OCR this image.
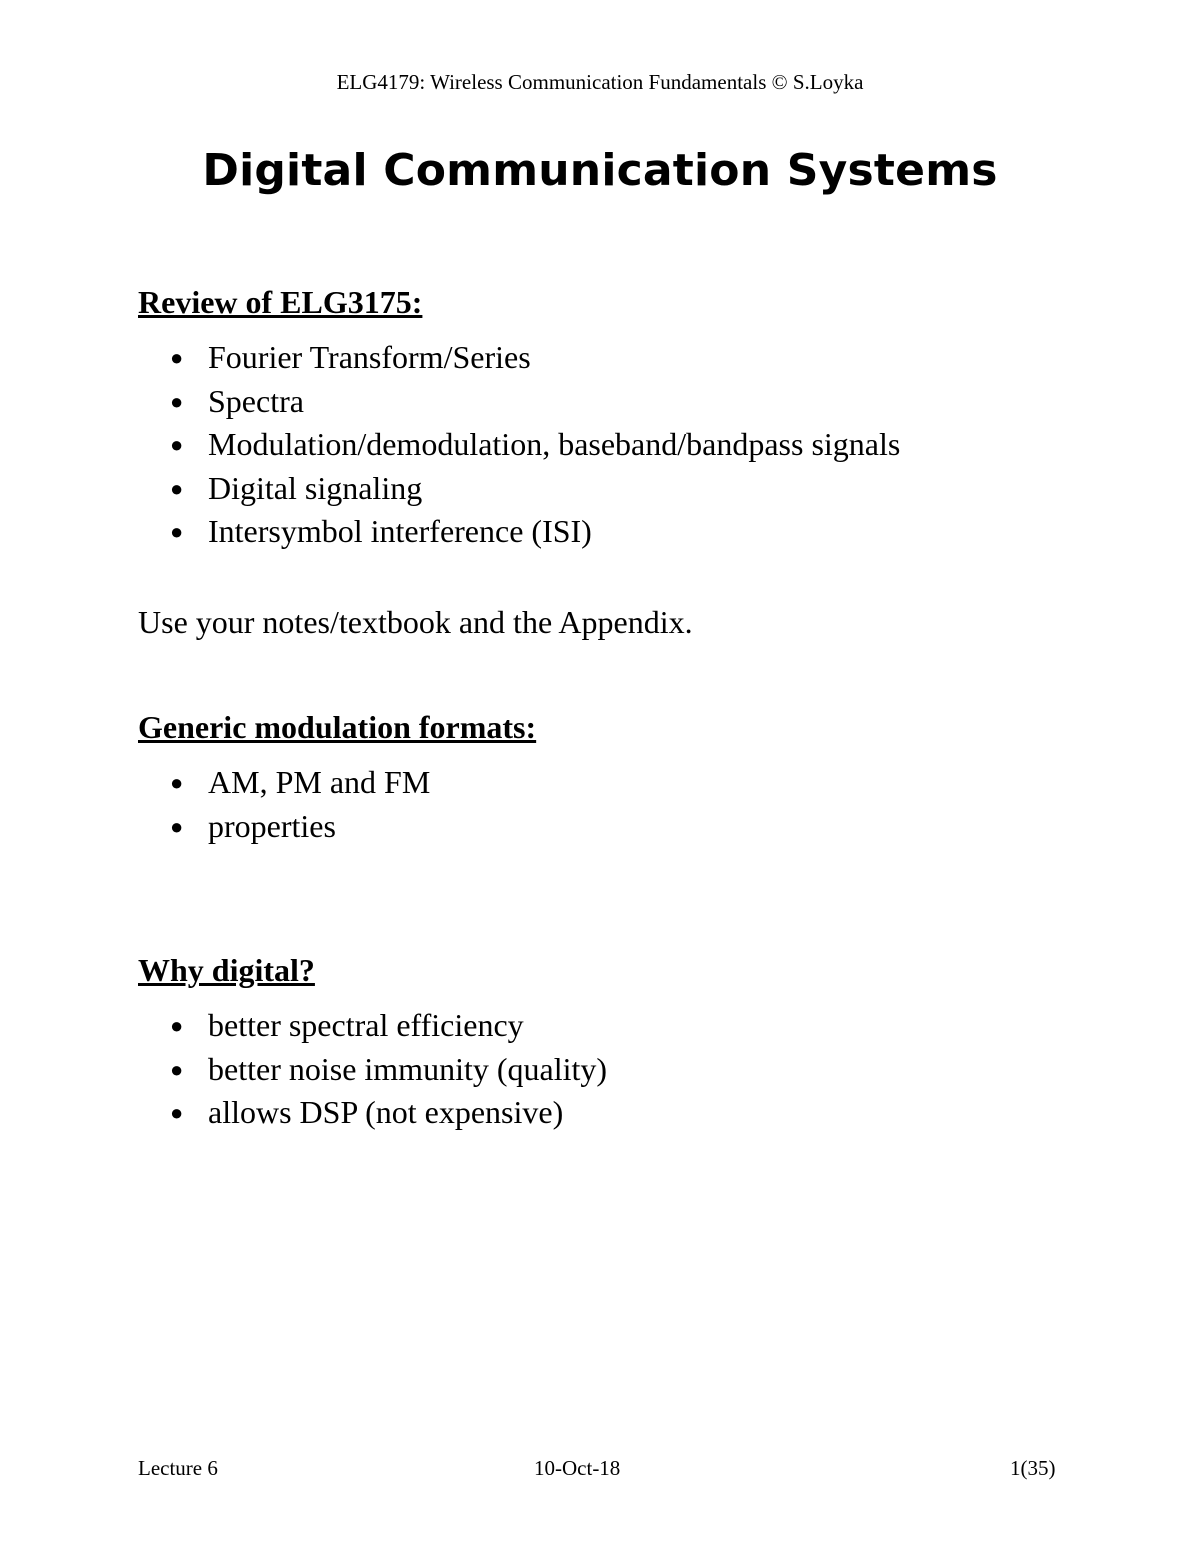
ELG4179: Wireless Communication Fundamentals © S.Loyka
Digital Communication Systems
Review of ELG3175:
● Fourier Transform/Series
● Spectra
● Modulation/demodulation, baseband/bandpass signals
● Digital signaling
● Intersymbol interference (ISI)
Use your notes/textbook and the Appendix.
Generic modulation formats:
● AM, PM and FM
● properties
Why digital?
● better spectral efficiency
● better noise immunity (quality)
● allows DSP (not expensive)
Lecture 6	10-Oct-18	1(35)
